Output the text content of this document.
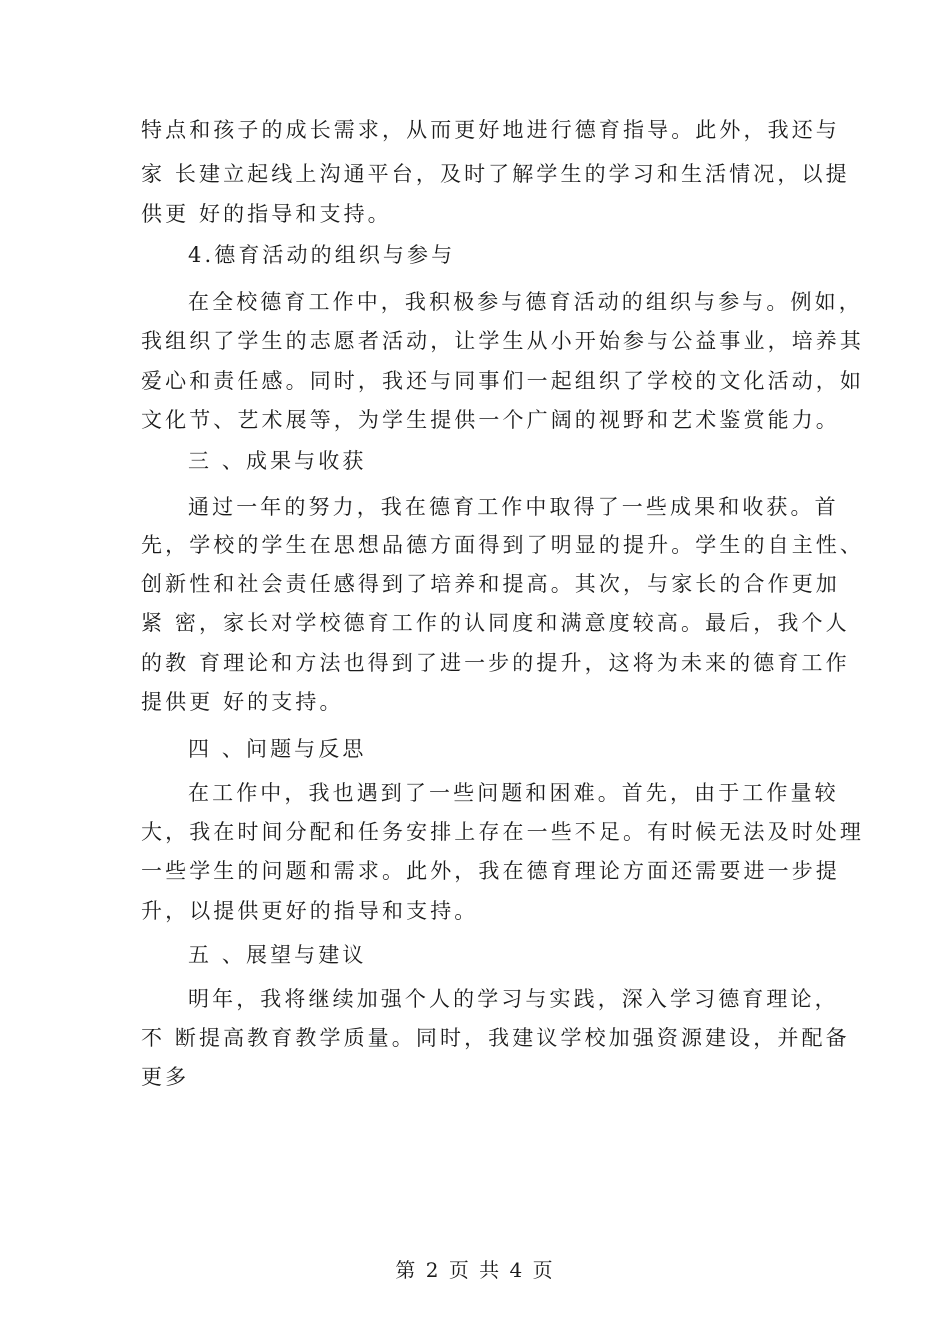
特点和孩子的成长需求，从而更好地进行德育指导。此外，我还与
家 长建立起线上沟通平台，及时了解学生的学习和生活情况，以提
供更 好的指导和支持。
4.德育活动的组织与参与
在全校德育工作中，我积极参与德育活动的组织与参与。例如，
我组织了学生的志愿者活动，让学生从小开始参与公益事业，培养其
爱心和责任感。同时，我还与同事们一起组织了学校的文化活动，如
文化节、艺术展等，为学生提供一个广阔的视野和艺术鉴赏能力。
三 、成果与收获
通过一年的努力，我在德育工作中取得了一些成果和收获。首
先，学校的学生在思想品德方面得到了明显的提升。学生的自主性、
创新性和社会责任感得到了培养和提高。其次，与家长的合作更加
紧 密，家长对学校德育工作的认同度和满意度较高。最后，我个人
的教 育理论和方法也得到了进一步的提升，这将为未来的德育工作
提供更 好的支持。
四 、问题与反思
在工作中，我也遇到了一些问题和困难。首先，由于工作量较
大，我在时间分配和任务安排上存在一些不足。有时候无法及时处理
一些学生的问题和需求。此外，我在德育理论方面还需要进一步提
升，以提供更好的指导和支持。
五 、展望与建议
明年，我将继续加强个人的学习与实践，深入学习德育理论，
不 断提高教育教学质量。同时，我建议学校加强资源建设，并配备
更多
第 2 页 共 4 页
